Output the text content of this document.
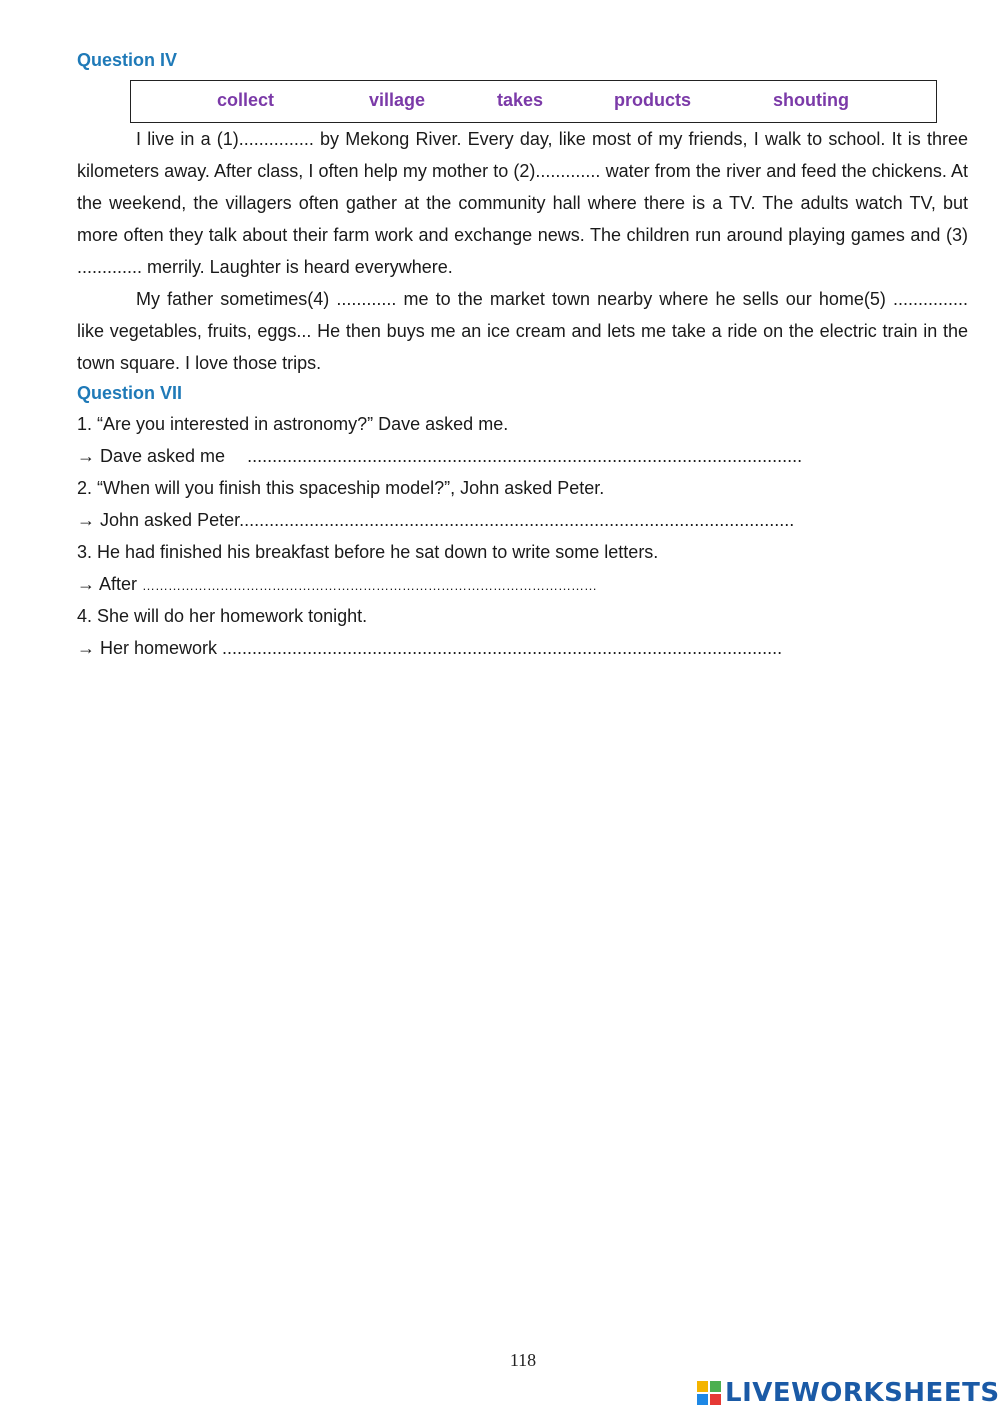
Question IV
collect	village	takes	products	shouting

I live in a (1)............... by Mekong River. Every day, like most of my friends, I walk to school. It is three kilometers away. After class, I often help my mother to (2)............. water from the river and feed the chickens. At the weekend, the villagers often gather at the community hall where there is a TV. The adults watch TV, but more often they talk about their farm work and exchange news. The children run around playing games and (3) ............. merrily. Laughter is heard everywhere.

My father sometimes(4) ............ me to the market town nearby where he sells our home(5) ............... like vegetables, fruits, eggs... He then buys me an ice cream and lets me take a ride on the electric train in the town square. I love those trips.

Question VII
1. “Are you interested in astronomy?” Dave asked me.
→ Dave asked me ...............................................................................................................
2. “When will you finish this spaceship model?”, John asked Peter.
→ John asked Peter...............................................................................................................
3. He had finished his breakfast before he sat down to write some letters.
→ After ……………………………………………………………………………………………
4. She will do her homework tonight.
→ Her homework ................................................................................................................
118
LIVEWORKSHEETS
